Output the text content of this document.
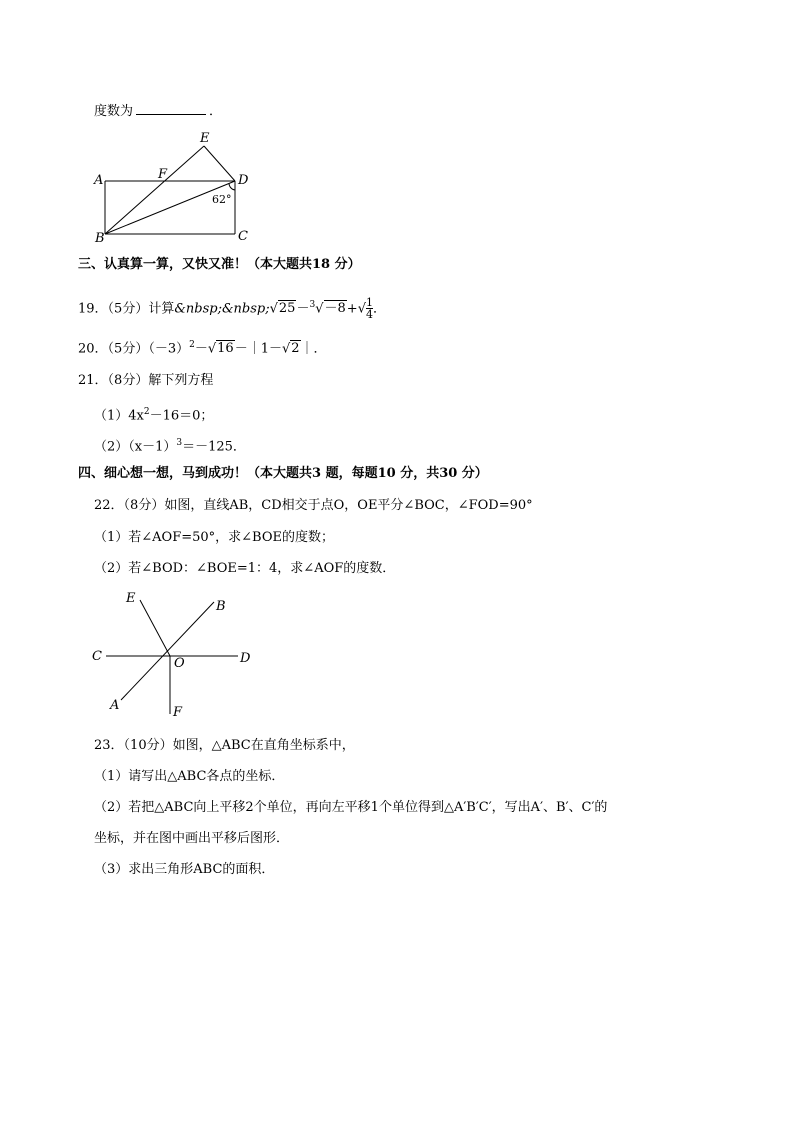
度数为	．
A
B	C
D
E
F
62°
三、认真算一算，又快又准！（本大题共18 分）
19．（5分）计算&nbsp;&nbsp;√25－$^3$√－8+√ $\frac{1}{4}$ ．
20．（5分）$(-3)^2-√16-|1-√2|$．
21．（8分）解下列方程
$(1)4x^2-16=0$；
$(2)(x-1)^3=-125$．
四、细心想一想，马到成功！（本大题共3 题，每题10 分，共30 分）
22．（8分）如图，直线AB，CD相交于点O，OE平分∠BOC，∠FOD=90°
（1）若∠AOF=50°，求∠BOE的度数；
（2）若∠BOD：∠BOE=1：4，求∠AOF的度数．
E
B
C	O	D
A	F
23．（10分）如图，△ABC在直角坐标系中，
（1）请写出△ABC各点的坐标．
（2）若把△ABC向上平移2个单位，再向左平移1个单位得到△A′B′C′，写出A′、B′、C′的
坐标，并在图中画出平移后图形．
（3）求出三角形ABC的面积．
